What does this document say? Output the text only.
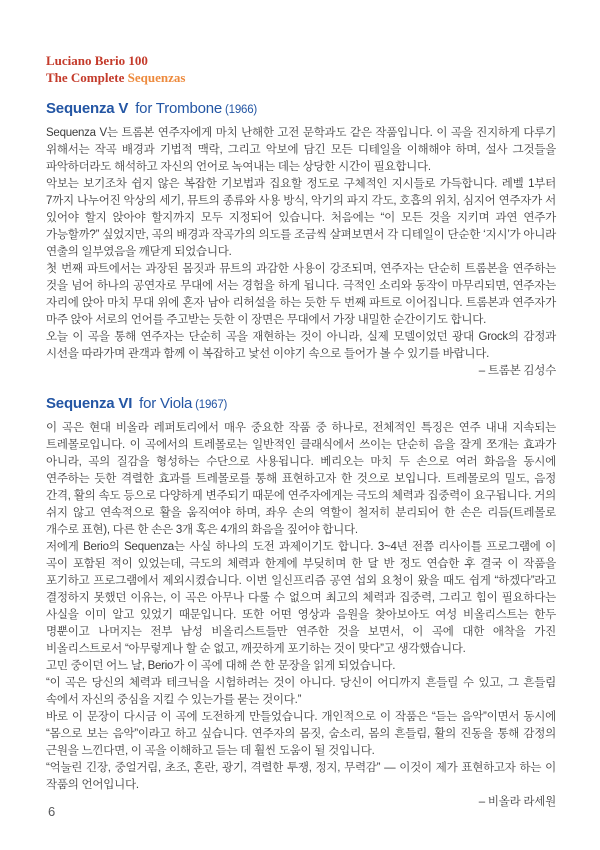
Luciano Berio 100
The Complete Sequenzas
Sequenza V for Trombone (1966)

Sequenza V는 트롬본 연주자에게 마치 난해한 고전 문학과도 같은 작품입니다. 이 곡을 진지하게 다루기 위해서는 작곡 배경과 기법적 맥락, 그리고 악보에 담긴 모든 디테일을 이해해야 하며, 설사 그것들을 파악하더라도 해석하고 자신의 언어로 녹여내는 데는 상당한 시간이 필요합니다.

악보는 보기조차 쉽지 않은 복잡한 기보법과 집요할 정도로 구체적인 지시들로 가득합니다. 레벨 1부터 7까지 나누어진 악상의 세기, 뮤트의 종류와 사용 방식, 악기의 파지 각도, 호흡의 위치, 심지어 연주자가 서 있어야 할지 앉아야 할지까지 모두 지정되어 있습니다. 처음에는 “이 모든 것을 지키며 과연 연주가 가능할까?” 싶었지만, 곡의 배경과 작곡가의 의도를 조금씩 살펴보면서 각 디테일이 단순한 ‘지시’가 아니라 연출의 일부였음을 깨닫게 되었습니다.

첫 번째 파트에서는 과장된 몸짓과 뮤트의 과감한 사용이 강조되며, 연주자는 단순히 트롬본을 연주하는 것을 넘어 하나의 공연자로 무대에 서는 경험을 하게 됩니다. 극적인 소리와 동작이 마무리되면, 연주자는 자리에 앉아 마치 무대 위에 혼자 남아 리허설을 하는 듯한 두 번째 파트로 이어집니다. 트롬본과 연주자가 마주 앉아 서로의 언어를 주고받는 듯한 이 장면은 무대에서 가장 내밀한 순간이기도 합니다.

오늘 이 곡을 통해 연주자는 단순히 곡을 재현하는 것이 아니라, 실제 모델이었던 광대 Grock의 감정과 시선을 따라가며 관객과 함께 이 복잡하고 낯선 이야기 속으로 들어가 볼 수 있기를 바랍니다.

– 트롬본 김성수
Sequenza VI for Viola (1967)

이 곡은 현대 비올라 레퍼토리에서 매우 중요한 작품 중 하나로, 전체적인 특징은 연주 내내 지속되는 트레몰로입니다. 이 곡에서의 트레몰로는 일반적인 클래식에서 쓰이는 단순히 음을 잘게 쪼개는 효과가 아니라, 곡의 질감을 형성하는 수단으로 사용됩니다. 베리오는 마치 두 손으로 여러 화음을 동시에 연주하는 듯한 격렬한 효과를 트레몰로를 통해 표현하고자 한 것으로 보입니다. 트레몰로의 밀도, 음정 간격, 활의 속도 등으로 다양하게 변주되기 때문에 연주자에게는 극도의 체력과 집중력이 요구됩니다. 거의 쉬지 않고 연속적으로 활을 움직여야 하며, 좌우 손의 역할이 철저히 분리되어 한 손은 리듬(트레몰로 개수로 표현), 다른 한 손은 3개 혹은 4개의 화음을 짚어야 합니다.

저에게 Berio의 Sequenza는 사실 하나의 도전 과제이기도 합니다. 3~4년 전쯤 리사이틀 프로그램에 이 곡이 포함된 적이 있었는데, 극도의 체력과 한계에 부딪히며 한 달 반 정도 연습한 후 결국 이 작품을 포기하고 프로그램에서 제외시켰습니다. 이번 일신프리즘 공연 섭외 요청이 왔을 때도 쉽게 “하겠다”라고 결정하지 못했던 이유는, 이 곡은 아무나 다룰 수 없으며 최고의 체력과 집중력, 그리고 힘이 필요하다는 사실을 이미 알고 있었기 때문입니다. 또한 어떤 영상과 음원을 찾아보아도 여성 비올리스트는 한두 명뿐이고 나머지는 전부 남성 비올리스트들만 연주한 것을 보면서, 이 곡에 대한 애착을 가진 비올리스트로서 “아무렇게나 할 순 없고, 깨끗하게 포기하는 것이 맞다”고 생각했습니다.

고민 중이던 어느 날, Berio가 이 곡에 대해 쓴 한 문장을 읽게 되었습니다.

“이 곡은 당신의 체력과 테크닉을 시험하려는 것이 아니다. 당신이 어디까지 흔들릴 수 있고, 그 흔들림 속에서 자신의 중심을 지킬 수 있는가를 묻는 것이다.”

바로 이 문장이 다시금 이 곡에 도전하게 만들었습니다. 개인적으로 이 작품은 “듣는 음악”이면서 동시에 “몸으로 보는 음악”이라고 하고 싶습니다. 연주자의 몸짓, 숨소리, 몸의 흔들림, 활의 진동을 통해 감정의 근원을 느낀다면, 이 곡을 이해하고 듣는 데 훨씬 도움이 될 것입니다.

“억눌린 긴장, 중얼거림, 초조, 혼란, 광기, 격렬한 투쟁, 정지, 무력감” — 이것이 제가 표현하고자 하는 이 작품의 언어입니다.

– 비올라 라세원
6
